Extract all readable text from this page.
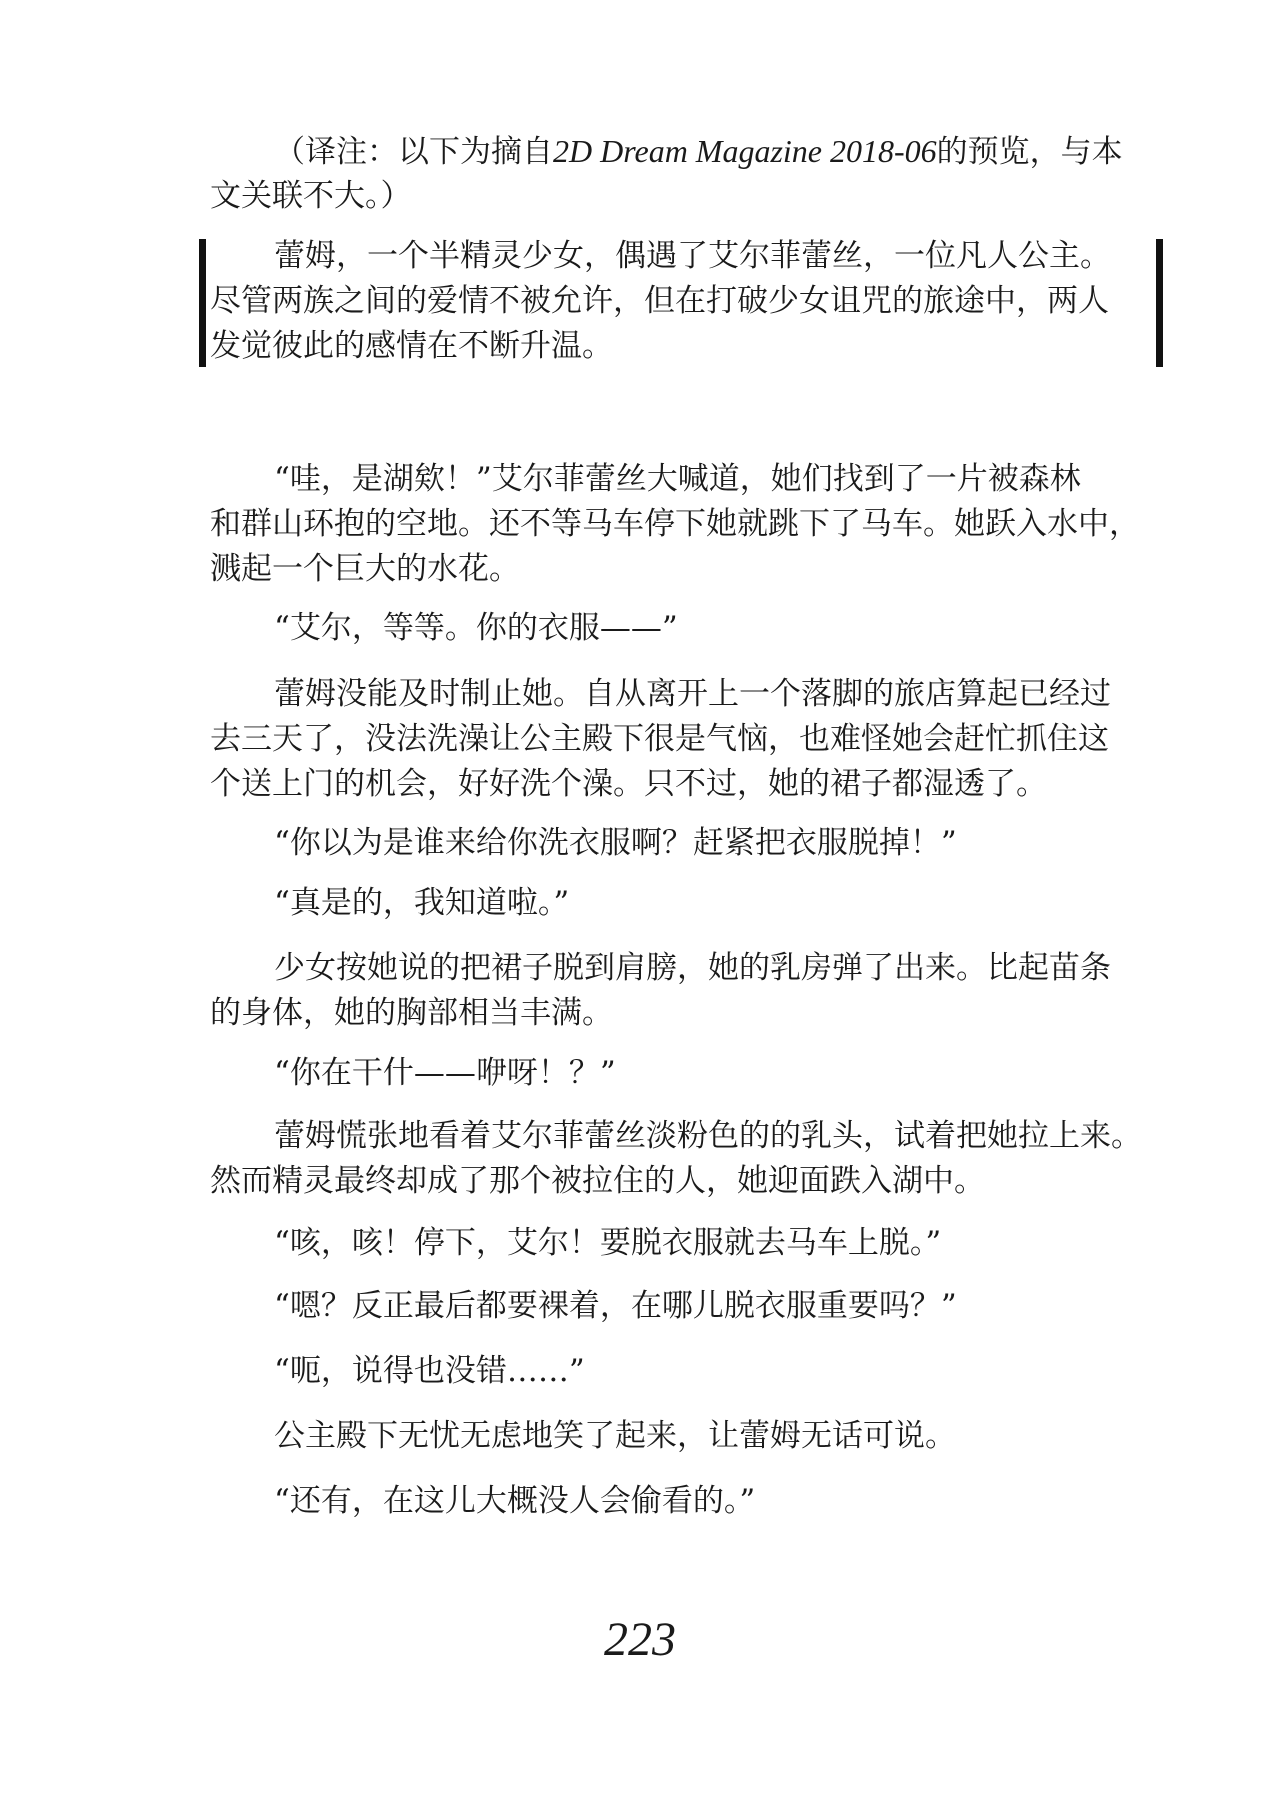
（译注：以下为摘自2D Dream Magazine 2018-06的预览，与本
文关联不大。）
蕾姆，一个半精灵少女，偶遇了艾尔菲蕾丝，一位凡人公主。
尽管两族之间的爱情不被允许，但在打破少女诅咒的旅途中，两人
发觉彼此的感情在不断升温。
“哇，是湖欸！”艾尔菲蕾丝大喊道，她们找到了一片被森林
和群山环抱的空地。还不等马车停下她就跳下了马车。她跃入水中，
溅起一个巨大的水花。
“艾尔，等等。你的衣服——”
蕾姆没能及时制止她。自从离开上一个落脚的旅店算起已经过
去三天了，没法洗澡让公主殿下很是气恼，也难怪她会赶忙抓住这
个送上门的机会，好好洗个澡。只不过，她的裙子都湿透了。
“你以为是谁来给你洗衣服啊？赶紧把衣服脱掉！”
“真是的，我知道啦。”
少女按她说的把裙子脱到肩膀，她的乳房弹了出来。比起苗条
的身体，她的胸部相当丰满。
“你在干什——咿呀！？”
蕾姆慌张地看着艾尔菲蕾丝淡粉色的的乳头，试着把她拉上来。
然而精灵最终却成了那个被拉住的人，她迎面跌入湖中。
“咳，咳！停下，艾尔！要脱衣服就去马车上脱。”
“嗯？反正最后都要裸着，在哪儿脱衣服重要吗？”
“呃，说得也没错……”
公主殿下无忧无虑地笑了起来，让蕾姆无话可说。
“还有，在这儿大概没人会偷看的。”
223
